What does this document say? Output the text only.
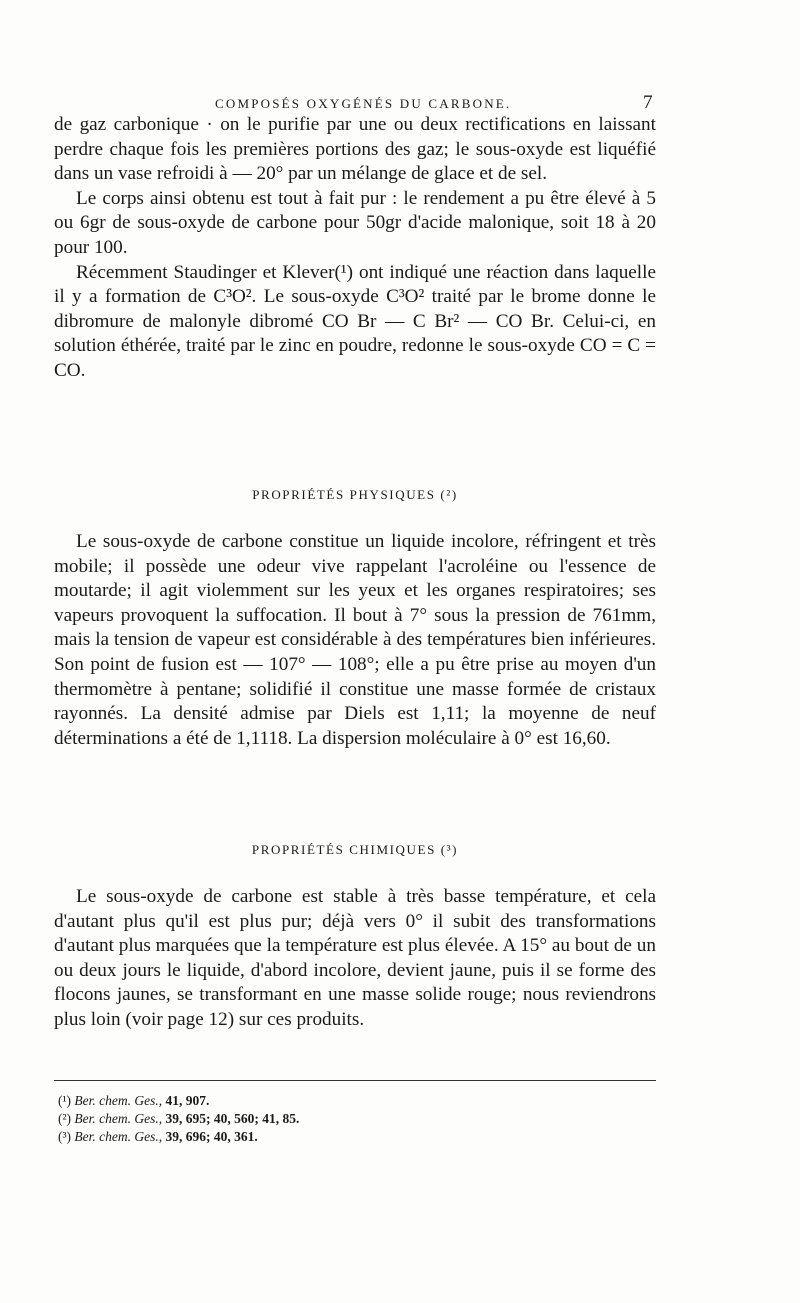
COMPOSÉS OXYGÉNÉS DU CARBONE.	7

de gaz carbonique · on le purifie par une ou deux rectifications en laissant perdre chaque fois les premières portions des gaz; le sous-oxyde est liquéfié dans un vase refroidi à — 20° par un mélange de glace et de sel.

Le corps ainsi obtenu est tout à fait pur : le rendement a pu être élevé à 5 ou 6gr de sous-oxyde de carbone pour 50gr d'acide malonique, soit 18 à 20 pour 100.

Récemment Staudinger et Klever(¹) ont indiqué une réaction dans laquelle il y a formation de C³O². Le sous-oxyde C³O² traité par le brome donne le dibromure de malonyle dibromé CO Br — C Br² — CO Br. Celui-ci, en solution éthérée, traité par le zinc en poudre, redonne le sous-oxyde CO = C = CO.

PROPRIÉTÉS PHYSIQUES (²)

Le sous-oxyde de carbone constitue un liquide incolore, réfringent et très mobile; il possède une odeur vive rappelant l'acroléine ou l'essence de moutarde; il agit violemment sur les yeux et les organes respiratoires; ses vapeurs provoquent la suffocation. Il bout à 7° sous la pression de 761mm, mais la tension de vapeur est considérable à des températures bien inférieures. Son point de fusion est — 107° — 108°; elle a pu être prise au moyen d'un thermomètre à pentane; solidifié il constitue une masse formée de cristaux rayonnés. La densité admise par Diels est 1,11; la moyenne de neuf déterminations a été de 1,1118. La dispersion moléculaire à 0° est 16,60.

PROPRIÉTÉS CHIMIQUES (³)

Le sous-oxyde de carbone est stable à très basse température, et cela d'autant plus qu'il est plus pur; déjà vers 0° il subit des transformations d'autant plus marquées que la température est plus élevée. A 15° au bout de un ou deux jours le liquide, d'abord incolore, devient jaune, puis il se forme des flocons jaunes, se transformant en une masse solide rouge; nous reviendrons plus loin (voir page 12) sur ces produits.

(¹) Ber. chem. Ges., 41, 907.
(²) Ber. chem. Ges., 39, 695; 40, 560; 41, 85.
(³) Ber. chem. Ges., 39, 696; 40, 361.
